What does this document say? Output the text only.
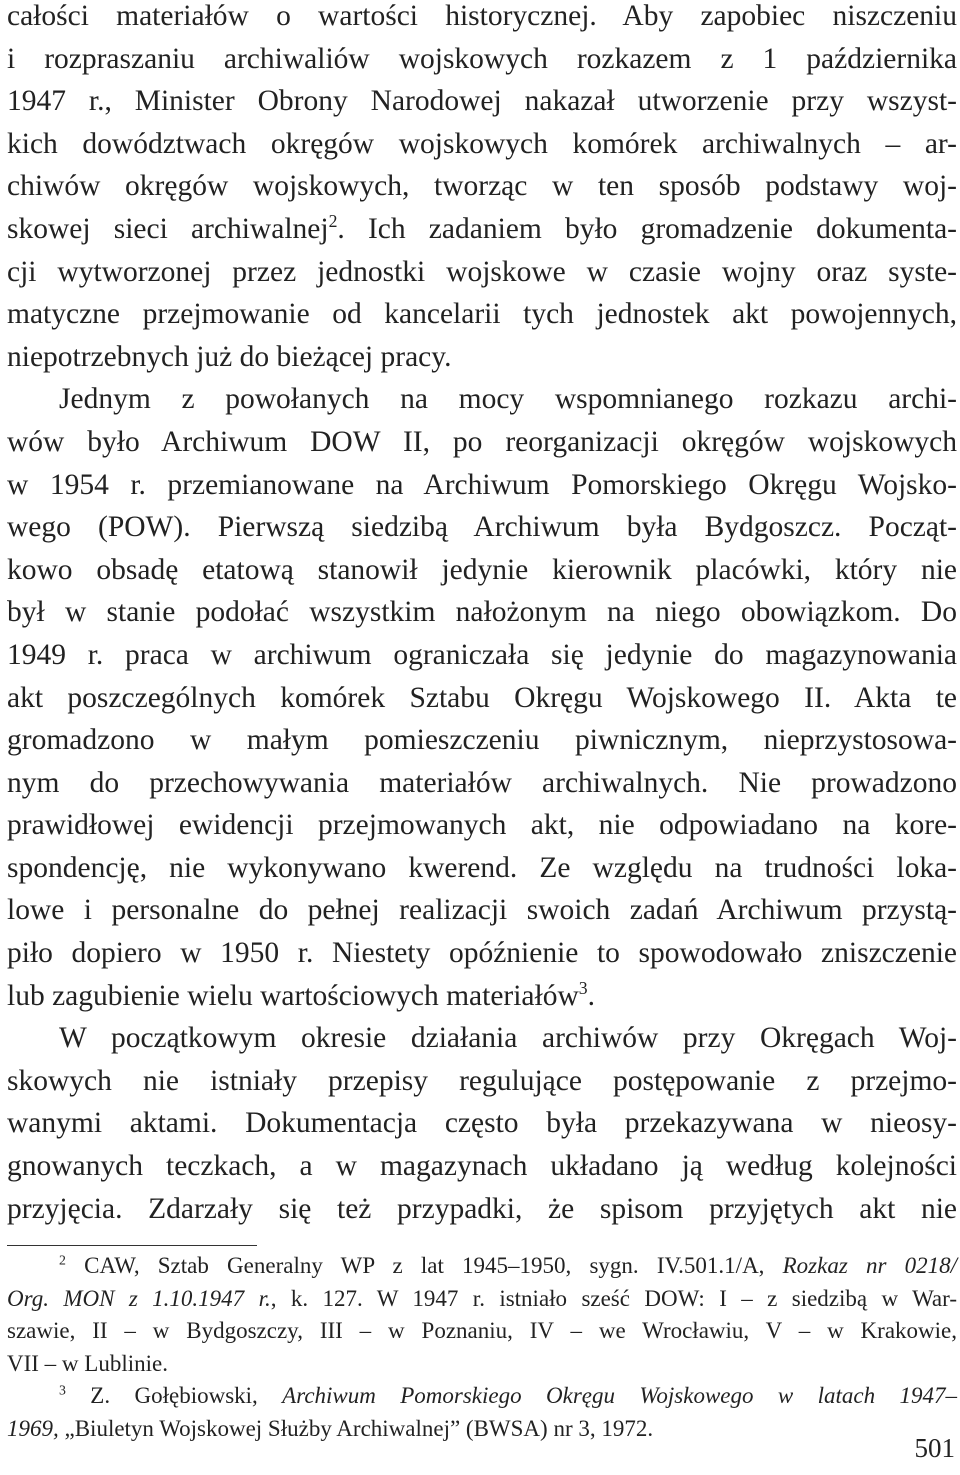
całości materiałów o wartości historycznej. Aby zapobiec niszczeniu
i rozpraszaniu archiwaliów wojskowych rozkazem z 1 października
1947 r., Minister Obrony Narodowej nakazał utworzenie przy wszyst-
kich dowództwach okręgów wojskowych komórek archiwalnych – ar-
chiwów okręgów wojskowych, tworząc w ten sposób podstawy woj-
skowej sieci archiwalnej$^2$. Ich zadaniem było gromadzenie dokumenta-
cji wytworzonej przez jednostki wojskowe w czasie wojny oraz syste-
matyczne przejmowanie od kancelarii tych jednostek akt powojennych,
niepotrzebnych już do bieżącej pracy.
Jednym z powołanych na mocy wspomnianego rozkazu archi-
wów było Archiwum DOW II, po reorganizacji okręgów wojskowych
w 1954 r. przemianowane na Archiwum Pomorskiego Okręgu Wojsko-
wego (POW). Pierwszą siedzibą Archiwum była Bydgoszcz. Począt-
kowo obsadę etatową stanowił jedynie kierownik placówki, który nie
był w stanie podołać wszystkim nałożonym na niego obowiązkom. Do
1949 r. praca w archiwum ograniczała się jedynie do magazynowania
akt poszczególnych komórek Sztabu Okręgu Wojskowego II. Akta te
gromadzono w małym pomieszczeniu piwnicznym, nieprzystosowa-
nym do przechowywania materiałów archiwalnych. Nie prowadzono
prawidłowej ewidencji przejmowanych akt, nie odpowiadano na kore-
spondencję, nie wykonywano kwerend. Ze względu na trudności loka-
lowe i personalne do pełnej realizacji swoich zadań Archiwum przystą-
piło dopiero w 1950 r. Niestety opóźnienie to spowodowało zniszczenie
lub zagubienie wielu wartościowych materiałów$^3$.
W początkowym okresie działania archiwów przy Okręgach Woj-
skowych nie istniały przepisy regulujące postępowanie z przejmo-
wanymi aktami. Dokumentacja często była przekazywana w nieosy-
gnowanych teczkach, a w magazynach układano ją według kolejności
przyjęcia. Zdarzały się też przypadki, że spisom przyjętych akt nie
$^2$ CAW, Sztab Generalny WP z lat 1945–1950, sygn. IV.501.1/A, Rozkaz nr 0218/
Org. MON z 1.10.1947 r., k. 127. W 1947 r. istniało sześć DOW: I – z siedzibą w War-
szawie, II – w Bydgoszczy, III – w Poznaniu, IV – we Wrocławiu, V – w Krakowie,
VII – w Lublinie.
$^3$ Z. Gołębiowski, Archiwum Pomorskiego Okręgu Wojskowego w latach 1947–
1969, „Biuletyn Wojskowej Służby Archiwalnej” (BWSA) nr 3, 1972.
501
